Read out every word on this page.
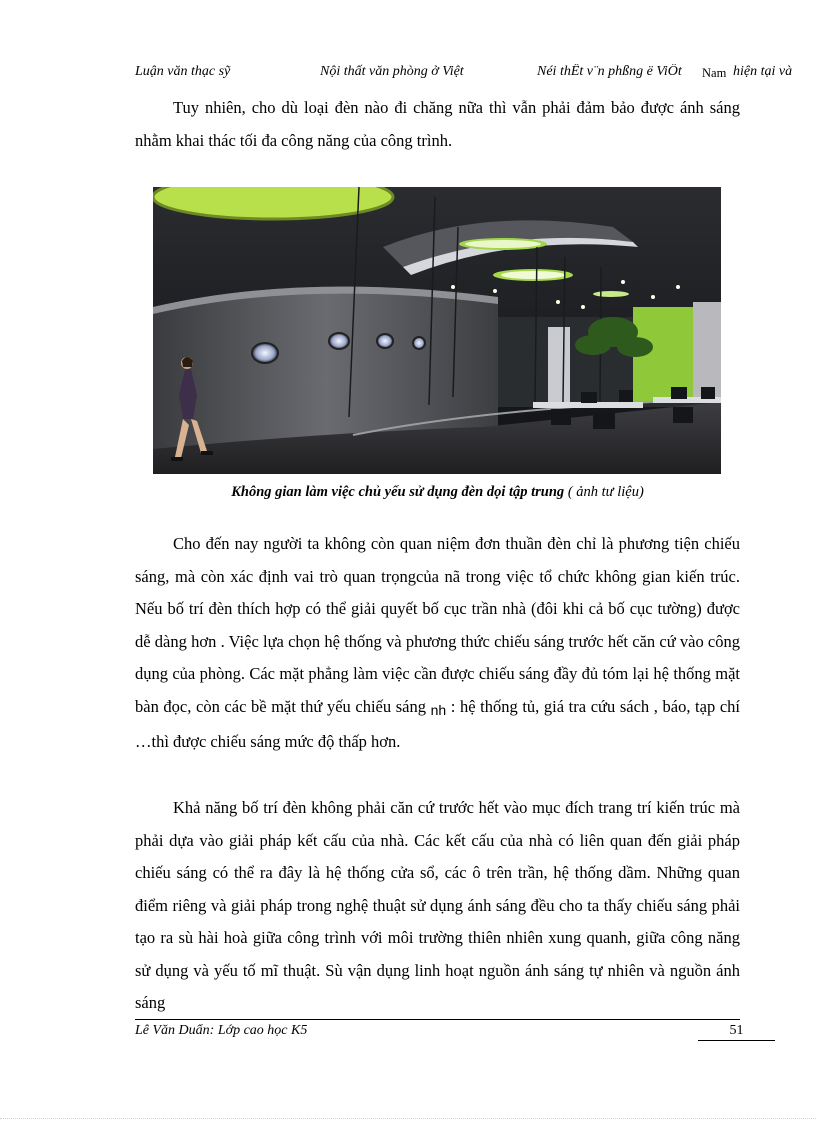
Luận văn thạc sỹ	Nội thất văn phòng ở Việt	Néi thÊt v¨n phßng ë ViÖt Nam hiện tại và

Tuy nhiên, cho dù loại đèn nào đi chăng nữa thì vẫn phải đảm bảo được ánh sáng nhằm khai thác tối đa công năng của công trình.

Không gian làm việc chủ yếu sử dụng đèn dọi tập trung ( ảnh tư liệu)

Cho đến nay người ta không còn quan niệm đơn thuần đèn chỉ là phương tiện chiếu sáng, mà còn xác định vai trò quan trọngcủa nã trong việc tổ chức không gian kiến trúc. Nếu bố trí đèn thích hợp có thể giải quyết bố cục trần nhà (đôi khi cả bố cục tường) được dễ dàng hơn . Việc lựa chọn hệ thống và phương thức chiếu sáng trước hết căn cứ vào công dụng của phòng. Các mặt phẳng làm việc cần được chiếu sáng đầy đủ tóm lại hệ thống mặt bàn đọc, còn các bề mặt thứ yếu chiếu sáng nh : hệ thống tủ, giá tra cứu sách , báo, tạp chí …thì được chiếu sáng mức độ thấp hơn.

Khả năng bố trí đèn không phải căn cứ trước hết vào mục đích trang trí kiến trúc mà phải dựa vào giải pháp kết cấu của nhà. Các kết cấu của nhà có liên quan đến giải pháp chiếu sáng có thể ra đây là hệ thống cửa sổ, các ô trên trần, hệ thống dầm. Những quan điểm riêng và giải pháp trong nghệ thuật sử dụng ánh sáng đều cho ta thấy chiếu sáng phải tạo ra sù hài hoà giữa công trình với môi trường thiên nhiên xung quanh, giữa công năng sử dụng và yếu tố mĩ thuật. Sù vận dụng linh hoạt nguồn ánh sáng tự nhiên và nguồn ánh sáng

Lê Văn Duẩn: Lớp cao học K5	51
